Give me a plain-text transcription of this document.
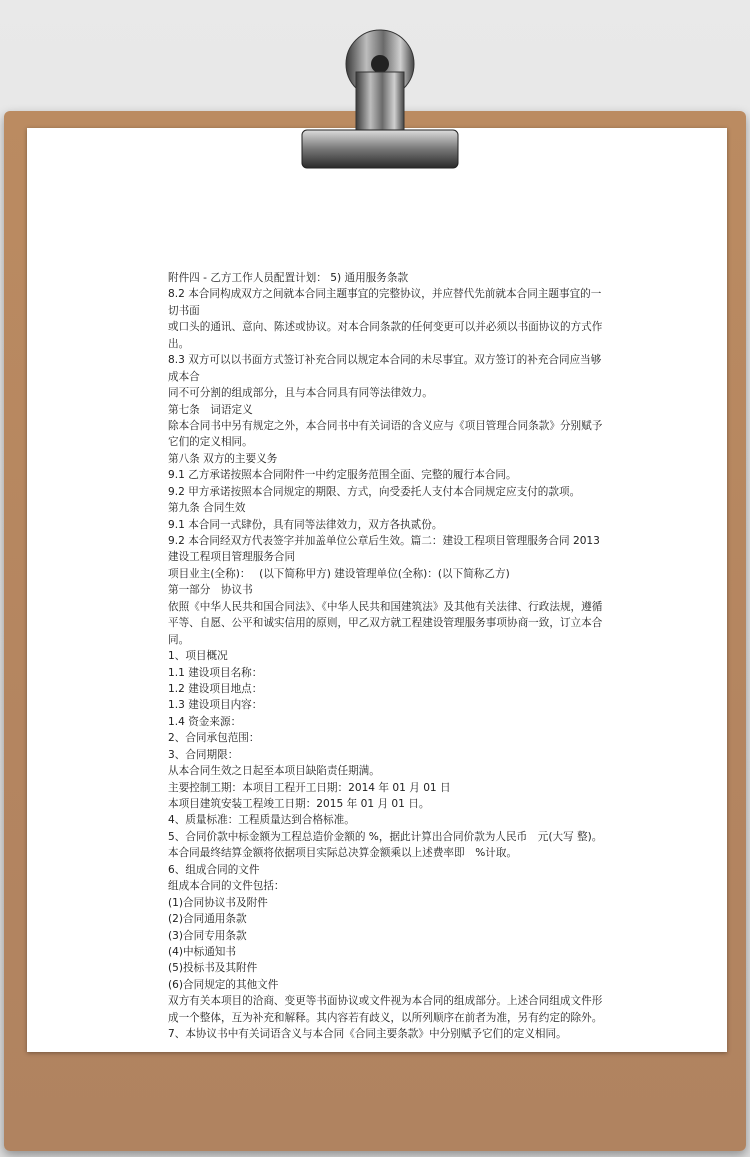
附件四 - 乙方工作人员配置计划： 5) 通用服务条款
8.2 本合同构成双方之间就本合同主题事宜的完整协议，并应替代先前就本合同主题事宜的一
切书面
或口头的通讯、意向、陈述或协议。对本合同条款的任何变更可以并必须以书面协议的方式作
出。
8.3 双方可以以书面方式签订补充合同以规定本合同的未尽事宜。双方签订的补充合同应当够
成本合
同不可分割的组成部分，且与本合同具有同等法律效力。
第七条　词语定义
除本合同书中另有规定之外，本合同书中有关词语的含义应与《项目管理合同条款》分别赋予
它们的定义相同。
第八条 双方的主要义务
9.1 乙方承诺按照本合同附件一中约定服务范围全面、完整的履行本合同。
9.2 甲方承诺按照本合同规定的期限、方式，向受委托人支付本合同规定应支付的款项。
第九条 合同生效
9.1 本合同一式肆份，具有同等法律效力，双方各执贰份。
9.2 本合同经双方代表签字并加盖单位公章后生效。篇二：建设工程项目管理服务合同 2013
建设工程项目管理服务合同
项目业主(全称)：　 (以下简称甲方) 建设管理单位(全称)：(以下简称乙方)
第一部分　协议书
依照《中华人民共和国合同法》、《中华人民共和国建筑法》及其他有关法律、行政法规，遵循
平等、自愿、公平和诚实信用的原则，甲乙双方就工程建设管理服务事项协商一致，订立本合
同。
1、项目概况
1.1 建设项目名称：
1.2 建设项目地点：
1.3 建设项目内容：
1.4 资金来源：
2、合同承包范围：
3、合同期限：
从本合同生效之日起至本项目缺陷责任期满。
主要控制工期：本项目工程开工日期：2014 年 01 月 01 日
本项目建筑安装工程竣工日期：2015 年 01 月 01 日。
4、质量标准：工程质量达到合格标准。
5、合同价款中标金额为工程总造价金额的 %，据此计算出合同价款为人民币　元(大写 整)。
本合同最终结算金额将依据项目实际总决算金额乘以上述费率即　%计取。
6、组成合同的文件
组成本合同的文件包括：
(1)合同协议书及附件
(2)合同通用条款
(3)合同专用条款
(4)中标通知书
(5)投标书及其附件
(6)合同规定的其他文件
双方有关本项目的洽商、变更等书面协议或文件视为本合同的组成部分。上述合同组成文件形
成一个整体，互为补充和解释。其内容若有歧义，以所列顺序在前者为准，另有约定的除外。
7、本协议书中有关词语含义与本合同《合同主要条款》中分别赋予它们的定义相同。
